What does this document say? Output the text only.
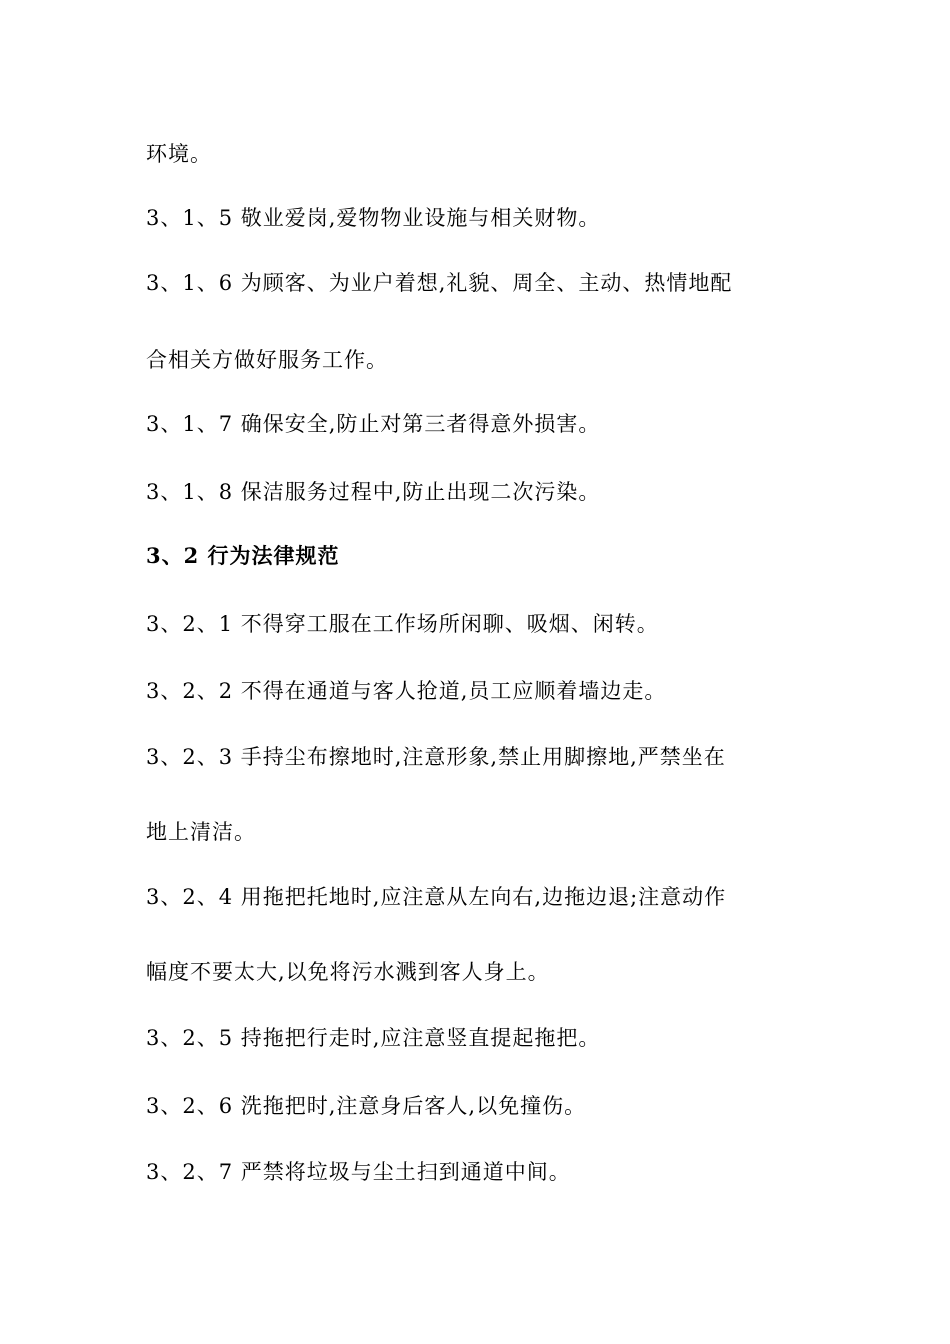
环境。
3、1、5 敬业爱岗,爱物物业设施与相关财物。
3、1、6 为顾客、为业户着想,礼貌、周全、主动、热情地配
合相关方做好服务工作。
3、1、7 确保安全,防止对第三者得意外损害。
3、1、8 保洁服务过程中,防止出现二次污染。
3、2 行为法律规范
3、2、1 不得穿工服在工作场所闲聊、吸烟、闲转。
3、2、2 不得在通道与客人抢道,员工应顺着墙边走。
3、2、3 手持尘布擦地时,注意形象,禁止用脚擦地,严禁坐在
地上清洁。
3、2、4 用拖把托地时,应注意从左向右,边拖边退;注意动作
幅度不要太大,以免将污水溅到客人身上。
3、2、5 持拖把行走时,应注意竖直提起拖把。
3、2、6 洗拖把时,注意身后客人,以免撞伤。
3、2、7 严禁将垃圾与尘土扫到通道中间。
